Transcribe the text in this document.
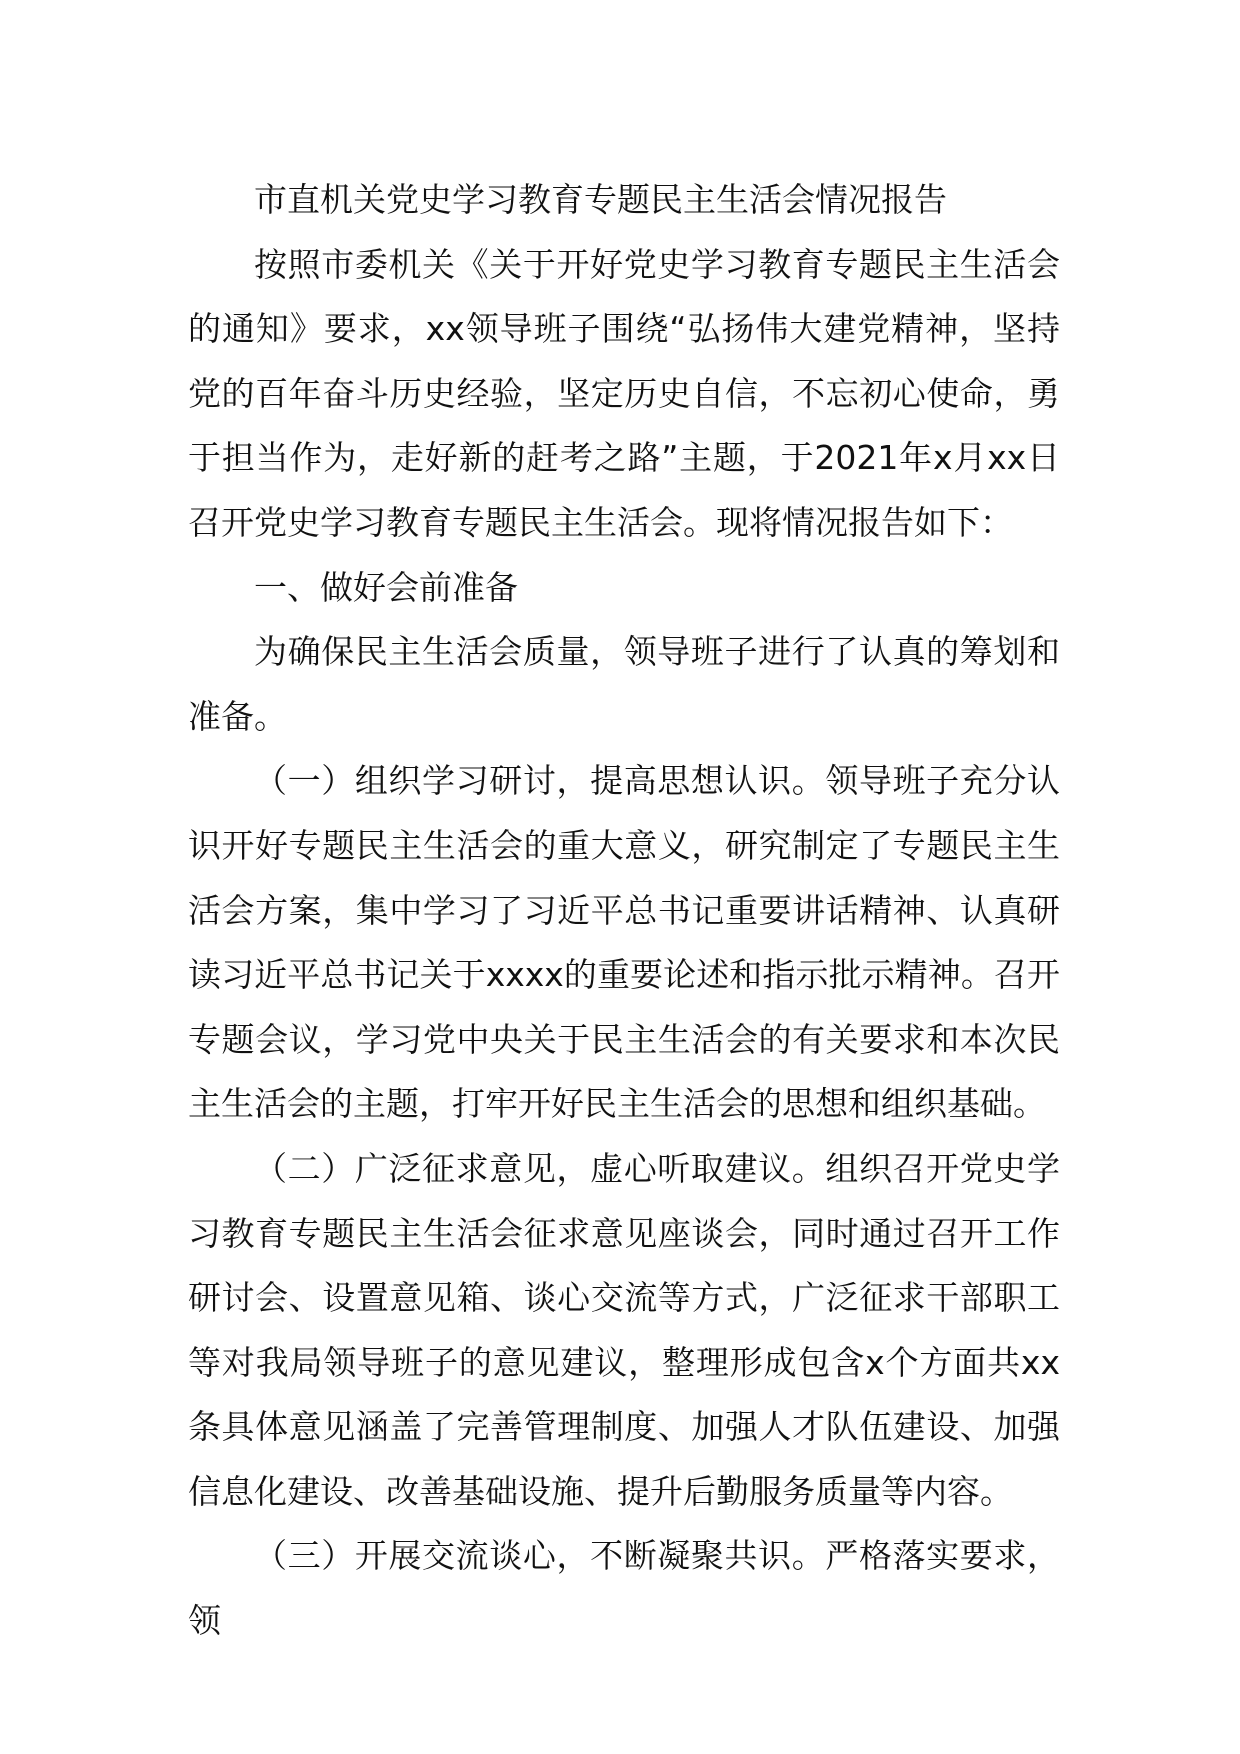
市直机关党史学习教育专题民主生活会情况报告

按照市委机关《关于开好党史学习教育专题民主生活会的通知》要求，xx领导班子围绕“弘扬伟大建党精神，坚持党的百年奋斗历史经验，坚定历史自信，不忘初心使命，勇于担当作为，走好新的赶考之路”主题，于2021年x月xx日召开党史学习教育专题民主生活会。现将情况报告如下：

一、做好会前准备

为确保民主生活会质量，领导班子进行了认真的筹划和准备。

（一）组织学习研讨，提高思想认识。领导班子充分认识开好专题民主生活会的重大意义，研究制定了专题民主生活会方案，集中学习了习近平总书记重要讲话精神、认真研读习近平总书记关于xxxx的重要论述和指示批示精神。召开专题会议，学习党中央关于民主生活会的有关要求和本次民主生活会的主题，打牢开好民主生活会的思想和组织基础。

（二）广泛征求意见，虚心听取建议。组织召开党史学习教育专题民主生活会征求意见座谈会，同时通过召开工作研讨会、设置意见箱、谈心交流等方式，广泛征求干部职工等对我局领导班子的意见建议，整理形成包含x个方面共xx条具体意见涵盖了完善管理制度、加强人才队伍建设、加强信息化建设、改善基础设施、提升后勤服务质量等内容。

（三）开展交流谈心，不断凝聚共识。严格落实要求，领
